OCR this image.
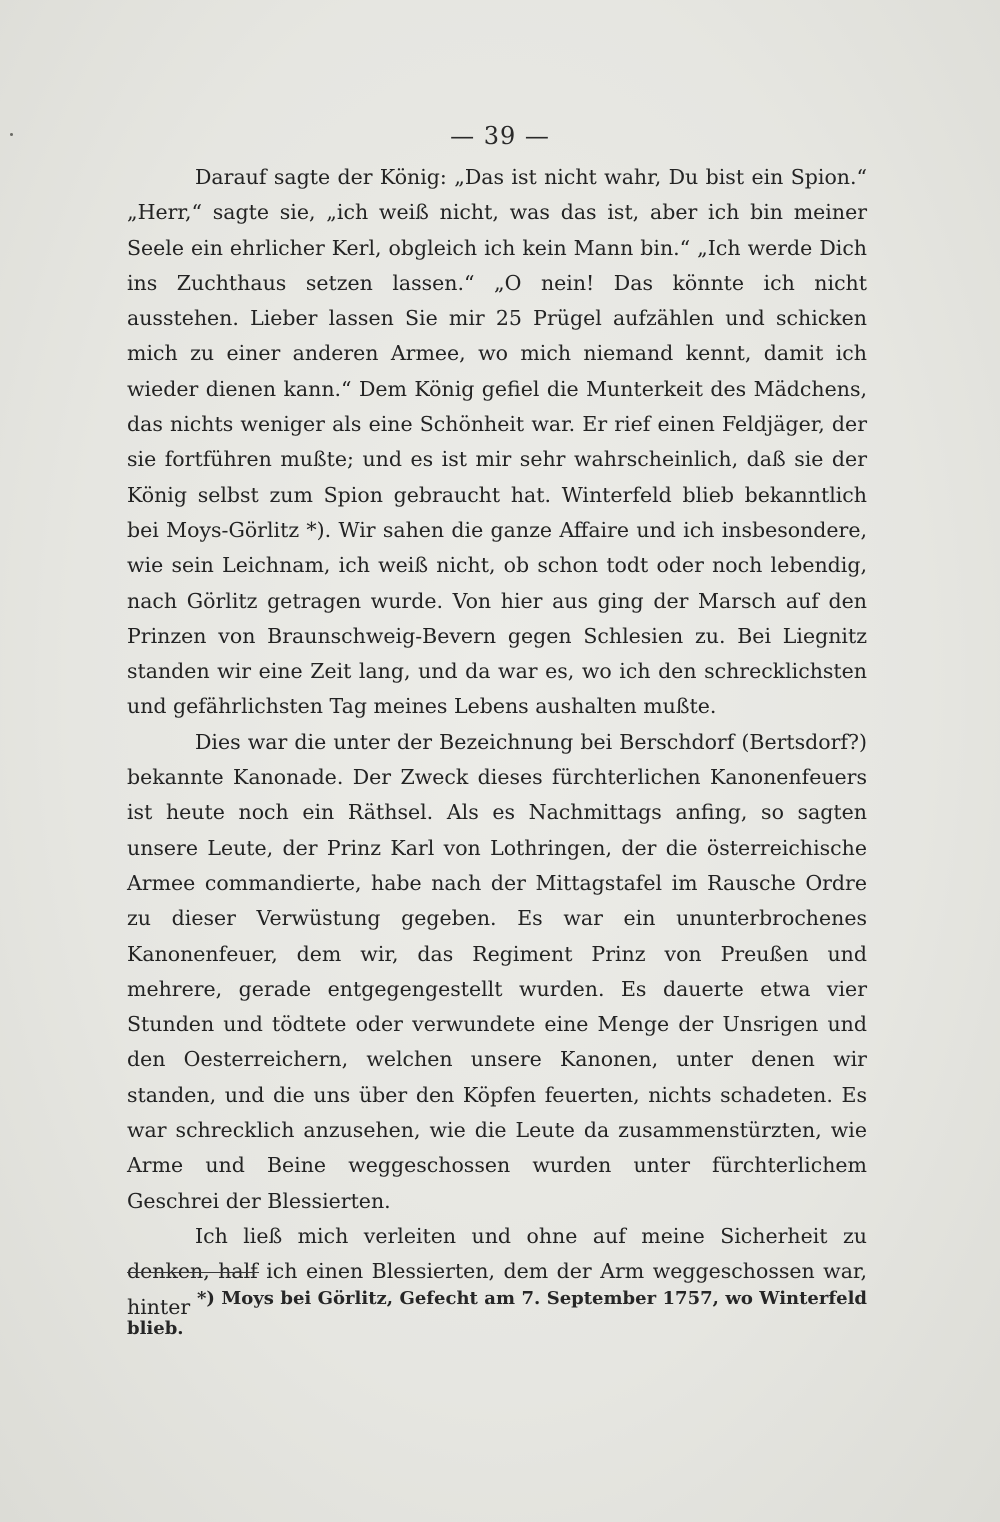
— 39 —

Darauf sagte der König: „Das ist nicht wahr, Du bist ein Spion.“ „Herr,“ sagte sie, „ich weiß nicht, was das ist, aber ich bin meiner Seele ein ehrlicher Kerl, obgleich ich kein Mann bin.“ „Ich werde Dich ins Zuchthaus setzen lassen.“ „O nein! Das könnte ich nicht ausstehen. Lieber lassen Sie mir 25 Prügel aufzählen und schicken mich zu einer anderen Armee, wo mich niemand kennt, damit ich wieder dienen kann.“ Dem König gefiel die Munterkeit des Mädchens, das nichts weniger als eine Schönheit war. Er rief einen Feldjäger, der sie fortführen mußte; und es ist mir sehr wahrscheinlich, daß sie der König selbst zum Spion gebraucht hat. Winterfeld blieb bekanntlich bei Moys-Görlitz *). Wir sahen die ganze Affaire und ich insbesondere, wie sein Leichnam, ich weiß nicht, ob schon todt oder noch lebendig, nach Görlitz getragen wurde. Von hier aus ging der Marsch auf den Prinzen von Braunschweig-Bevern gegen Schlesien zu. Bei Liegnitz standen wir eine Zeit lang, und da war es, wo ich den schrecklichsten und gefährlichsten Tag meines Lebens aushalten mußte.

Dies war die unter der Bezeichnung bei Berschdorf (Bertsdorf?) bekannte Kanonade. Der Zweck dieses fürchterlichen Kanonenfeuers ist heute noch ein Räthsel. Als es Nachmittags anfing, so sagten unsere Leute, der Prinz Karl von Lothringen, der die österreichische Armee commandierte, habe nach der Mittagstafel im Rausche Ordre zu dieser Verwüstung gegeben. Es war ein ununterbrochenes Kanonenfeuer, dem wir, das Regiment Prinz von Preußen und mehrere, gerade entgegengestellt wurden. Es dauerte etwa vier Stunden und tödtete oder verwundete eine Menge der Unsrigen und den Oesterreichern, welchen unsere Kanonen, unter denen wir standen, und die uns über den Köpfen feuerten, nichts schadeten. Es war schrecklich anzusehen, wie die Leute da zusammenstürzten, wie Arme und Beine weggeschossen wurden unter fürchterlichem Geschrei der Blessierten.

Ich ließ mich verleiten und ohne auf meine Sicherheit zu denken, half ich einen Blessierten, dem der Arm weggeschossen war, hinter *) Moys bei Görlitz, Gefecht am 7. September 1757, wo Winterfeld blieb.
